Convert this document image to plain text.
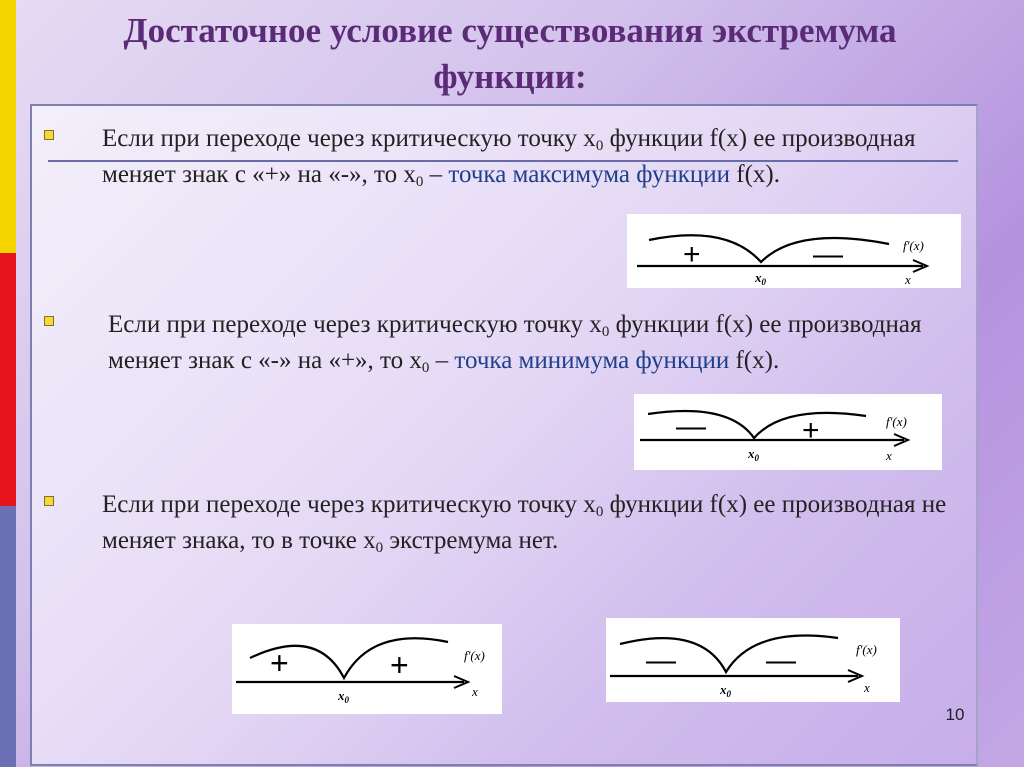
Достаточное условие существования экстремума
функции:
Если при переходе через критическую точку $х_0$ функции f(х) ее производная меняет знак с «+» на «-», то $х_0$ – точка максимума функции f(x).
Если при переходе через критическую точку $х_0$ функции f(х) ее производная меняет знак с «-» на «+», то $х_0$ – точка минимума функции f(x).
Если при переходе через критическую точку $х_0$ функции f(х) ее производная не меняет знака, то в точке $х_0$ экстремума нет.
+	—
$х_0$
f'(x)
x
—	+
$х_0$
f'(x)
x
+	+
$х_0$
f'(x)
x
—	—
$х_0$
f'(x)
x
10
